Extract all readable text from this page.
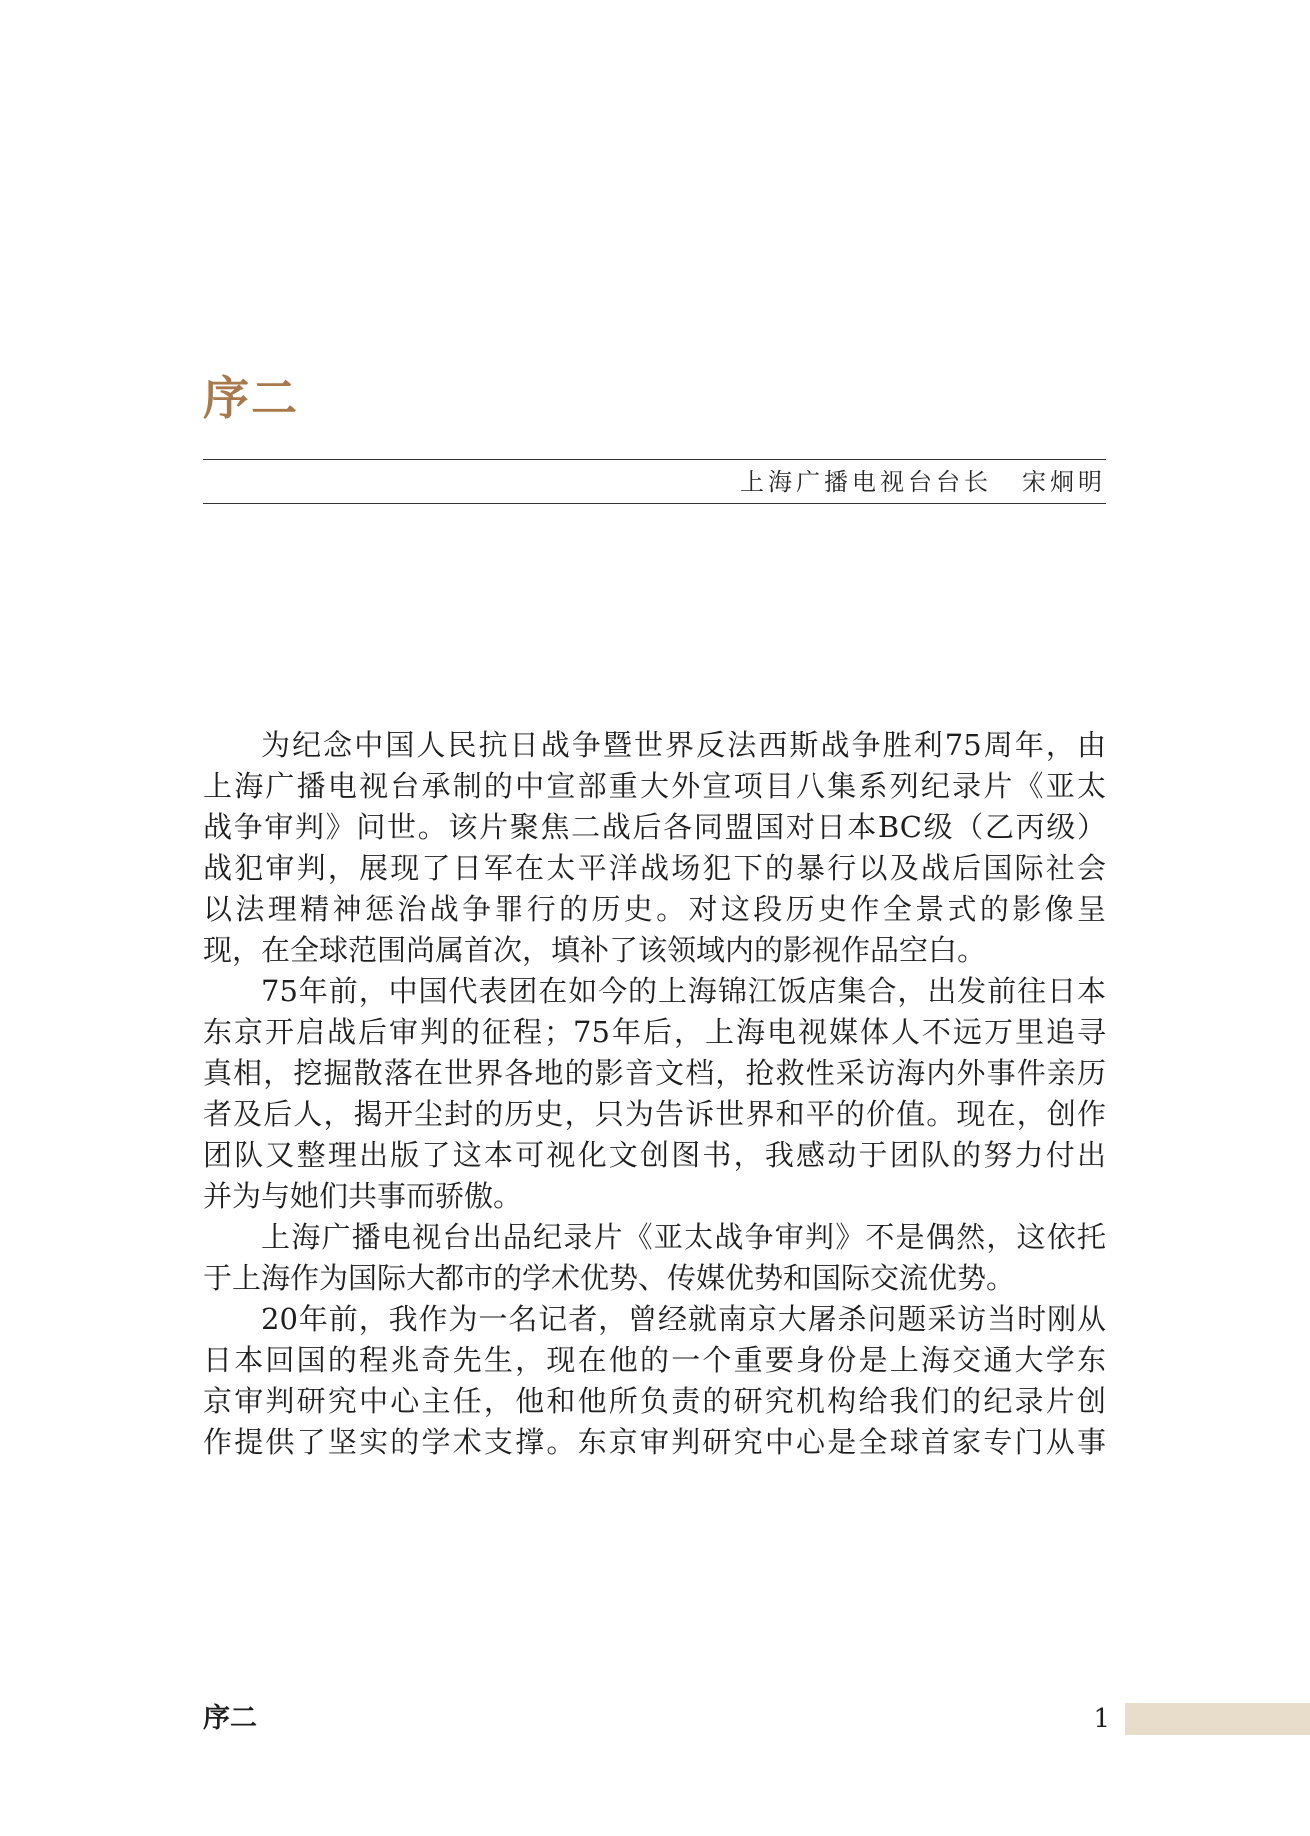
序二
上海广播电视台台长 宋炯明

为纪念中国人民抗日战争暨世界反法西斯战争胜利75周年，由
上海广播电视台承制的中宣部重大外宣项目八集系列纪录片《亚太
战争审判》问世。该片聚焦二战后各同盟国对日本BC级（乙丙级）
战犯审判，展现了日军在太平洋战场犯下的暴行以及战后国际社会
以法理精神惩治战争罪行的历史。对这段历史作全景式的影像呈
现，在全球范围尚属首次，填补了该领域内的影视作品空白。

75年前，中国代表团在如今的上海锦江饭店集合，出发前往日本
东京开启战后审判的征程；75年后，上海电视媒体人不远万里追寻
真相，挖掘散落在世界各地的影音文档，抢救性采访海内外事件亲历
者及后人，揭开尘封的历史，只为告诉世界和平的价值。现在，创作
团队又整理出版了这本可视化文创图书，我感动于团队的努力付出
并为与她们共事而骄傲。

上海广播电视台出品纪录片《亚太战争审判》不是偶然，这依托
于上海作为国际大都市的学术优势、传媒优势和国际交流优势。

20年前，我作为一名记者，曾经就南京大屠杀问题采访当时刚从
日本回国的程兆奇先生，现在他的一个重要身份是上海交通大学东
京审判研究中心主任，他和他所负责的研究机构给我们的纪录片创
作提供了坚实的学术支撑。东京审判研究中心是全球首家专门从事

序二	1
